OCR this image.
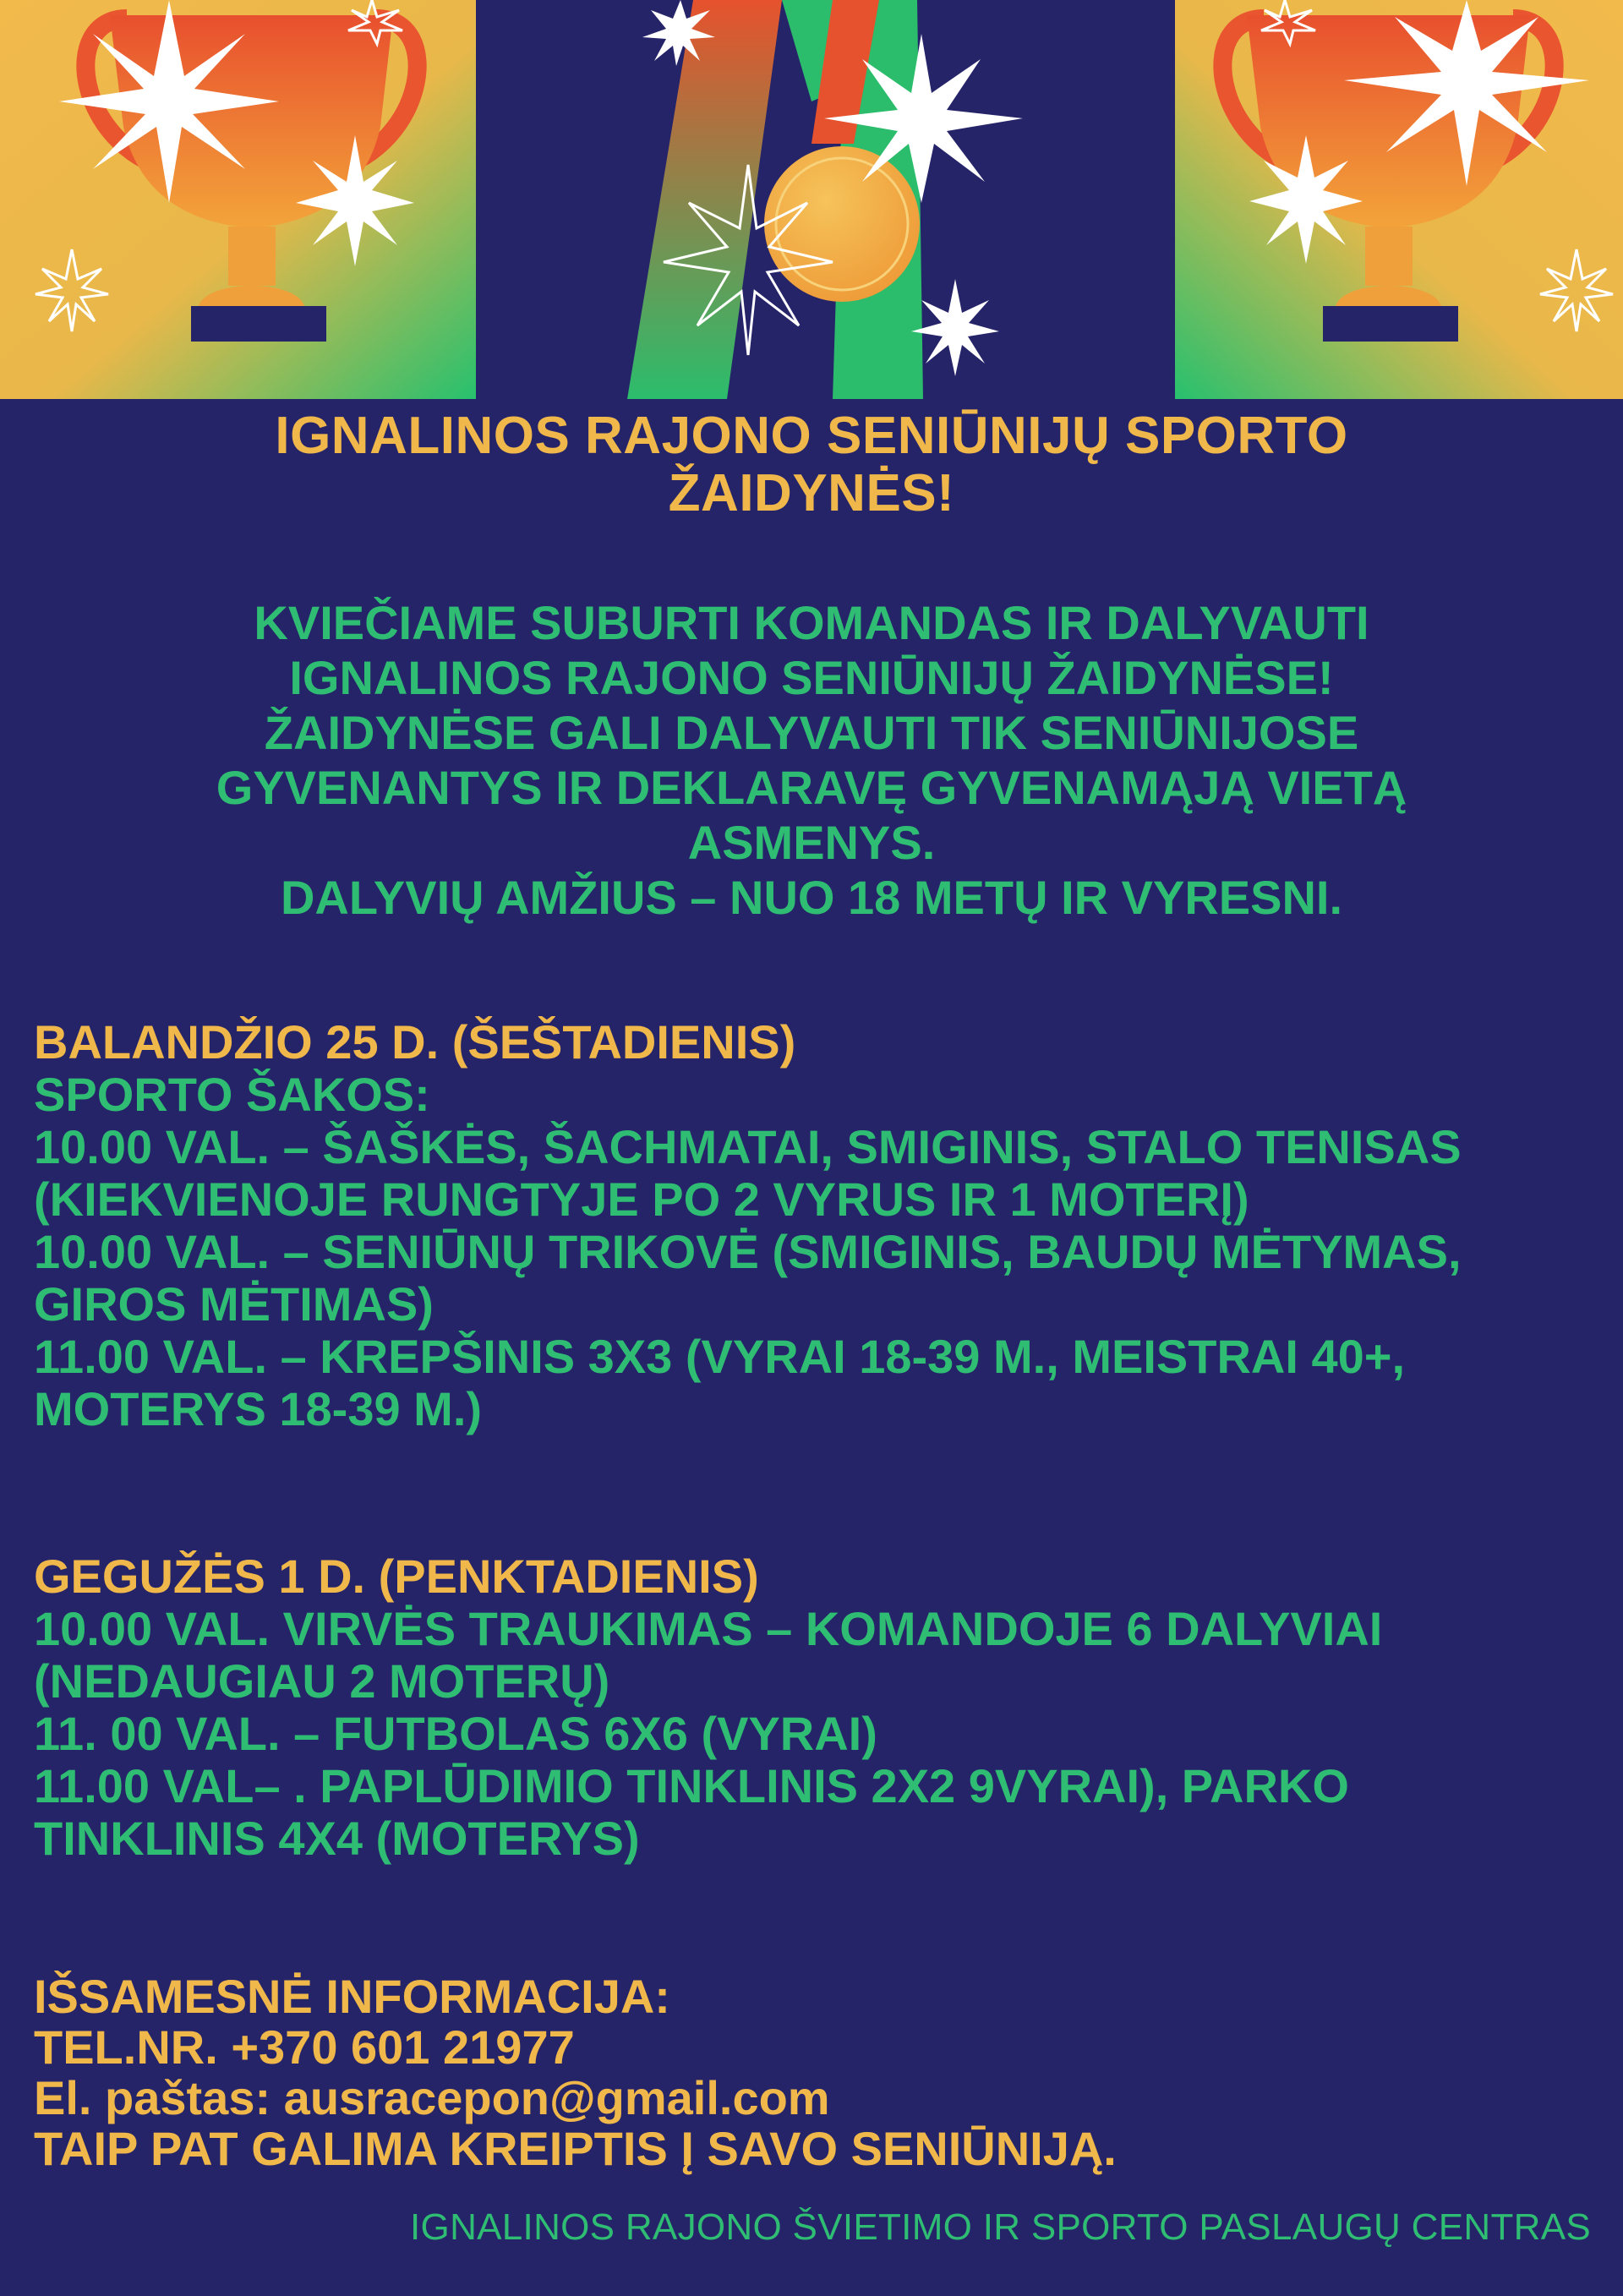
IGNALINOS RAJONO SENIŪNIJŲ SPORTO
ŽAIDYNĖS!
KVIEČIAME SUBURTI KOMANDAS IR DALYVAUTI
IGNALINOS RAJONO SENIŪNIJŲ ŽAIDYNĖSE!
ŽAIDYNĖSE GALI DALYVAUTI TIK SENIŪNIJOSE
GYVENANTYS IR DEKLARAVĘ GYVENAMĄJĄ VIETĄ
ASMENYS.
DALYVIŲ AMŽIUS – NUO 18 METŲ IR VYRESNI.

BALANDŽIO 25 D. (ŠEŠTADIENIS)

SPORTO ŠAKOS:

10.00 VAL. – ŠAŠKĖS, ŠACHMATAI, SMIGINIS, STALO TENISAS (KIEKVIENOJE RUNGTYJE PO 2 VYRUS IR 1 MOTERĮ)

10.00 VAL. – SENIŪNŲ TRIKOVĖ (SMIGINIS, BAUDŲ MĖTYMAS, GIROS MĖTIMAS)

11.00 VAL. – KREPŠINIS 3X3 (VYRAI 18-39 M., MEISTRAI 40+, MOTERYS 18-39 M.)

GEGUŽĖS 1 D. (PENKTADIENIS)

10.00 VAL. VIRVĖS TRAUKIMAS – KOMANDOJE 6 DALYVIAI (NEDAUGIAU 2 MOTERŲ)

11. 00 VAL. – FUTBOLAS 6X6 (VYRAI)

11.00 VAL– . PAPLŪDIMIO TINKLINIS 2X2 9VYRAI), PARKO TINKLINIS 4X4 (MOTERYS)

IŠSAMESNĖ INFORMACIJA:

TEL.NR. +370 601 21977

El. paštas: ausracepon@gmail.com

TAIP PAT GALIMA KREIPTIS Į SAVO SENIŪNIJĄ.

IGNALINOS RAJONO ŠVIETIMO IR SPORTO PASLAUGŲ CENTRAS
